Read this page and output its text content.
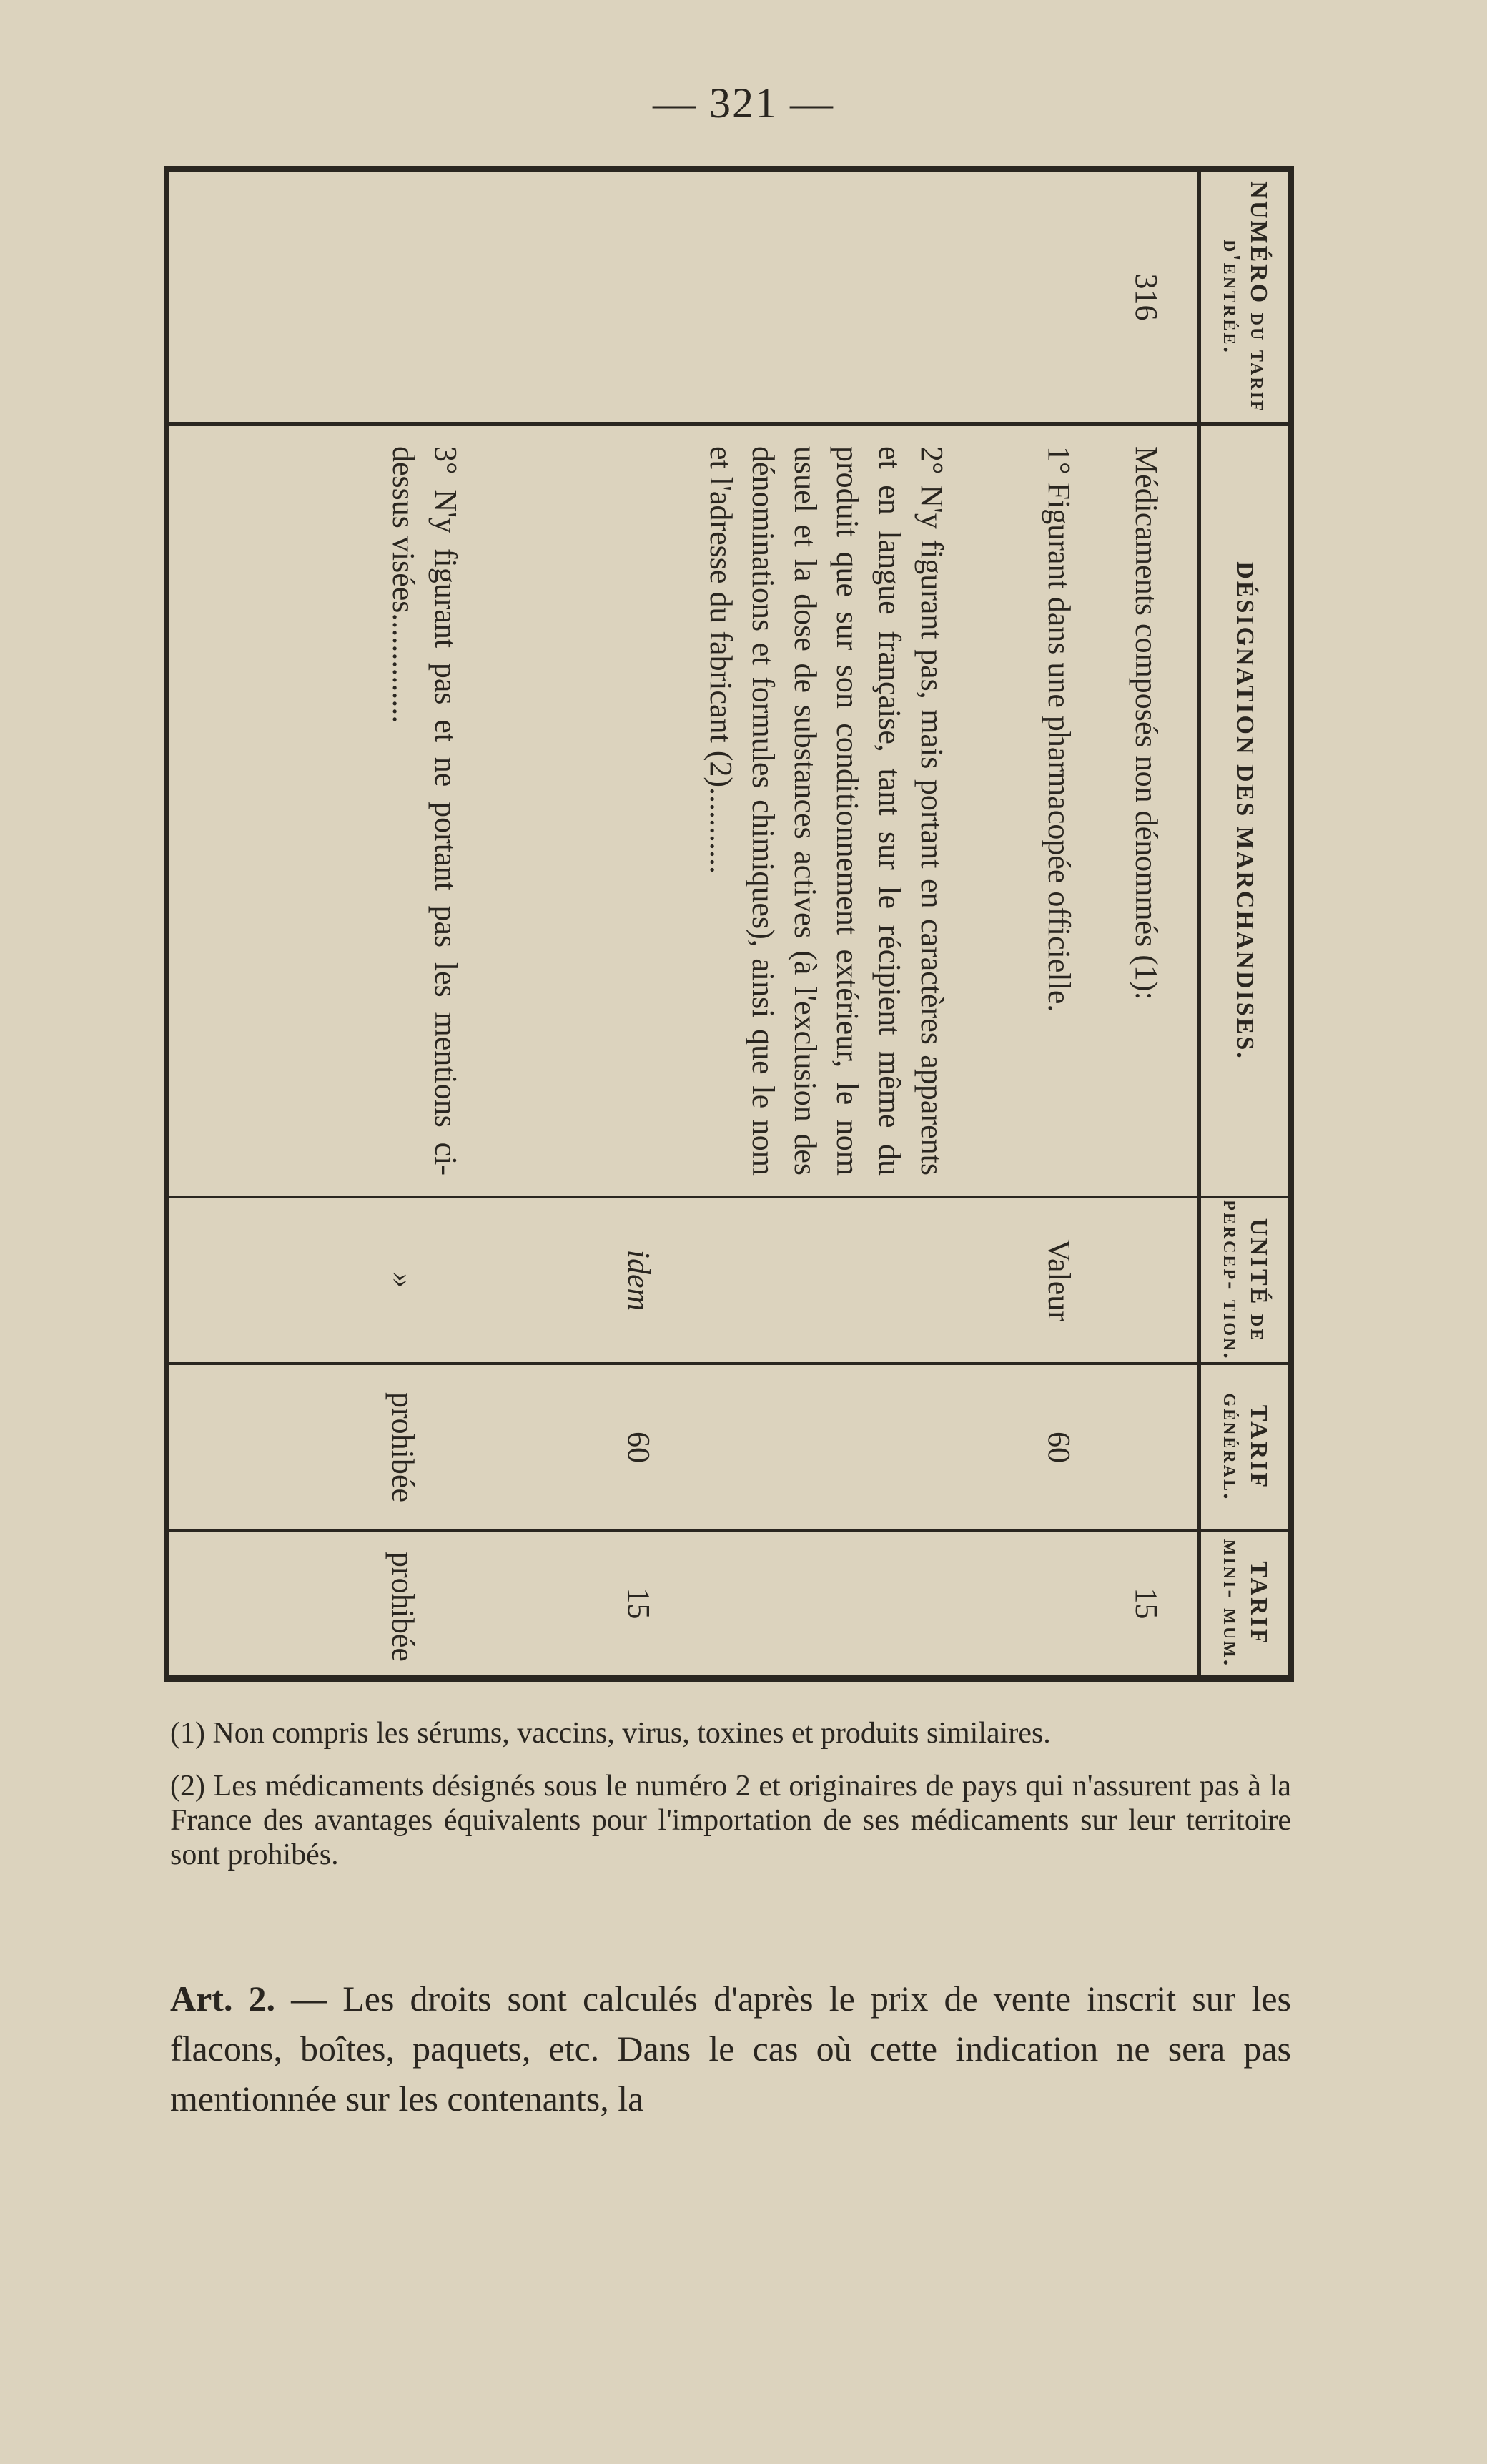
— 321 —
NUMÉRO du tarif d'entrée.
316
DÉSIGNATION DES MARCHANDISES.
Médicaments composés non dénommés (1):
1° Figurant dans une pharmacopée officielle.
2° N'y figurant pas, mais portant en caractères apparents et en langue française, tant sur le récipient même du produit que sur son conditionnement extérieur, le nom usuel et la dose de substances actives (à l'exclusion des dénominations et formules chimiques), ainsi que le nom et l'adresse du fabricant (2)...........
3° N'y figurant pas et ne portant pas les mentions ci-dessus visées..............
UNITÉ de percep- tion.
Valeur
idem
»
TARIF général.
60
60
prohibée
TARIF mini- mum.
15
15
prohibée

(1) Non compris les sérums, vaccins, virus, toxines et produits similaires.

(2) Les médicaments désignés sous le numéro 2 et originaires de pays qui n'assurent pas à la France des avantages équivalents pour l'importation de ses médicaments sur leur territoire sont prohibés.

Art. 2. — Les droits sont calculés d'après le prix de vente inscrit sur les flacons, boîtes, paquets, etc. Dans le cas où cette indication ne sera pas mentionnée sur les contenants, la
